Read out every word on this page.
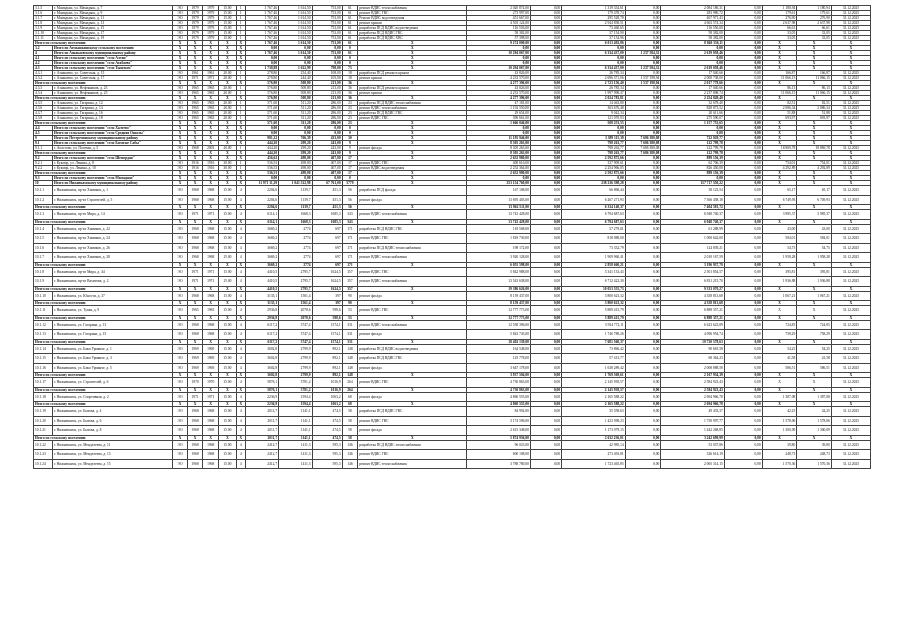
3.1.5	г. Мамадыш, ул. Мамадыш, д. 7	ЭО	1979	1979	15.00	1	1 767,46	1 614,50	753,00	61	ремонт ВДИС теплоснабжения	2 020 874,00	0,00	1 319 354,61	0,00	2 084 186,31	0,00	1 180,94	1 180,94	31.12.2025
3.1.6	г. Мамадыш, ул. Мамадыш, д. 9	ЭО	1979	1979	15.00	1	1 767,46	1 614,50	753,00	61	ремонт ВДИС ГВС	273 997,00	0,00	179 478,74	0,00	283 980,72	0,00	179,61	179,61	31.12.2025
3.1.7	г. Мамадыш, ул. Мамадыш, д. 11	ЭО	1979	1979	15.00	1	1 767,46	1 614,50	753,00	61	Ремонт ВДИС водоотведения	451 667,00	0,00	295 528,78	0,00	467 971,43	0,00	276,90	276,90	31.12.2025
3.1.8	г. Мамадыш, ул. Мамадыш, д. 13	ЭО	1979	1979	15.00	1	1 767,46	1 614,50	753,00	61	ремонт крыши	4 503 124,00	0,00	2 944 838,51	0,00	4 663 574,34	0,00	2 637,98	2 637,98	31.12.2025
3.1.9	г. Мамадыш, ул. Мамадыш, д. 15	ЭО	1979	1979	15.00	1	1 767,46	1 614,50	753,00	61	разработка ПСД ВДИС водоотведения	116 556,00	0,00	73 460,65	0,00	116 556,00	0,00	66,61	66,61	31.12.2025
3.1.10	г. Мамадыш, ул. Мамадыш, д. 17	ЭО	1979	1979	15.00	1	1 767,46	1 614,50	753,00	61	разработка ПСД ВДИС ГВС	58 382,00	0,00	37 154,90	0,00	58 382,00	0,00	33,05	33,05	31.12.2025
3.1.11	г. Мамадыш, ул. Мамадыш, д. 19	ЭО	1979	1979	15.00	1	1 767,46	1 614,50	753,00	61	разработка ПСД ВДИС ХВС	57 398,00	0,00	37 154,96	0,00	58 382,00	0,00	33,05	33,05	31.12.2025
Итого по сельскому поселению		X	X	X	X	X	1 767,46	1 614,50	753,00	61	X	9 274 000,00	0,00	6 013 492,86	0,00	8 840 356,11	0,00	X	X	X
3.2	Итого по Атмышкинскому сельскому поселению	X	X	X	X	X	0,00	0,00	0,00	0	X	0,00	0,00	0,00	0,00	0,00	0,00	X	X	X
4	Итого по Азнакаевскому муниципальному району	X	X	X	X	X	1 767,46	1 614,50	753,00	61	X	10 294 067,00	0,00	6 334 437,00	1 237 584,32	2 619 058,46	0,00	X	X	X
4.1	Итого по сельскому поселению "село Алтан"	X	X	X	X	X	0,00	0,00	0,00	0	X	0,00	0,00	0,00	0,00	0,00	0,00	X	X	X
4.2	Итого по сельскому поселению "село Атабаево"	X	X	X	X	X	0,00	0,00	0,00	0	X	0,00	0,00	0,00	0,00	0,00	0,00	X	X	X
4.3	Итого по сельскому поселению "село Тыштым"	X	X	X	X	X	1 738,88	1 622,99	798,00	73	X	10 294 067,00	0,00	6 334 437,00	1 237 584,32	2 619 058,46	0,00	X	X	X
4.3.1	г. Азнакаево, ул. Советская, д. 15	ЭО	1961	1961	20.00	1	278,80	254,40	108,00	18	разработка ПСД ремонта крыши	43 826,00	0,00	26 785,34	0,00	17 040,66	0,00	166,87	166,87	31.12.2025
4.3.2	г. Азнакаево, ул. Советская, д. 17	ЭО	1971	1971	20.00	1	278,80	244,40	105,00	18	ремонт крыши	4 233 570,00	0,00	2 696 371,06	1 537 198,94	2 000 738,00	0,00	11 066,15	11 066,15	31.12.2025
Итого по сельскому поселению		X	X	X	X	X	576,80	508,80	213,00	36	X	4 277 396,00	0,00	2 723 156,40	1 537 198,94	2 017 778,66	0,00	X	X	X
4.3.3	г. Азнакаево, ул. Нефтяников, д. 23	ЭО	1965	1965	20.00	1	576,80	508,80	213,00	36	разработка ПСД ремонта крыши	43 826,00	0,00	26 785,34	0,00	17 040,66	0,00	86,13	86,13	31.12.2025
4.3.4	г. Азнакаево, ул. Нефтяников, д. 25	ЭО	1965	1965	20.00	1	576,80	508,80	213,00	36	ремонт крыши	4 233 570,00	0,00	1 997 998,47	0,00	2 237 808,74	0,00	11 066,15	11 066,15	31.12.2025
Итого по сельскому поселению		X	X	X	X	X	576,80	508,80	213,00	36	X	4 277 396,00	0,00	2 024 783,81	0,00	2 254 849,40	0,00	X	X	X
4.3.5	г. Азнакаево, ул. Гагарина, д. 12	ЭО	1965	1965	20.00	1	571,60	511,20	286,00	23	разработка ПСД ВДИС теплоснабжения	47 181,00	0,00	14 463,80	0,00	32 678,40	0,00	82,51	82,51	31.12.2025
4.3.6	г. Азнакаево, ул. Гагарина, д. 14	ЭО	1965	1965	20.00	1	571,60	511,20	286,00	23	ремонт ВДИС теплоснабжения	1 192 550,00	0,00	363 676,48	0,00	828 873,52	0,00	2 086,34	2 086,34	31.12.2025
4.3.7	г. Азнакаево, ул. Гагарина, д. 16	ЭО	1965	1965	20.00	1	571,60	511,20	286,00	23	разработка ПСД ВДИС ГВС	29 654,00	0,00	9 042,34	0,00	20 611,66	0,00	51,88	51,88	31.12.2025
4.3.8	г. Азнакаево, ул. Гагарина, д. 18	ЭО	1965	1965	20.00	1	571,60	511,20	286,00	23	ремонт ВДИС ГВС	396 661,00	0,00	121 070,93	0,00	275 590,07	0,00	693,97	693,97	31.12.2025
Итого по сельскому поселению		X	X	X	X	X	571,60	511,20	286,00	23	X	1 666 046,00	0,00	508 253,55	0,00	1 157 753,65	0,00	X	X	X
4.4	Итого по сельскому поселению "село Халтево"	X	X	X	X	X	0,00	0,00	0,00	0	X	0,00	0,00	0,00	0,00	0,00	0,00	X	X	X
4.5	Итого по сельскому поселению "село Средняя Ошалы"	X	X	X	X	X	0,00	0,00	0,00	0	X	0,00	0,00	0,00	0,00	0,00	0,00	X	X	X
9	Итого по Пестречинскому муниципальному району	X	X	X	X	X	981,22	766,39	433,00	30	X	11 195 946,00	0,00	3 389 115,38	7 686 380,08	722 029,77	0,00	X	X	X
9.1	Итого по сельскому поселению "село Богатые Сабы"	X	X	X	X	X	444,20	299,20	243,00	9	X	8 305 263,00	0,00	798 263,77	7 686 380,08	122 799,78	0,00	X	X	X
9.1.1	г. Апастово, ул. Полевая, д. 5	ЭО	1968	2003	20.00	1	444,20	299,20	243,00	9	ремонт фасада	8 305 263,00	0,00	798 263,77	7 686 380,08	122 799,78	0,00	18 869,78	18 869,78	31.12.2025
Итого по сельскому поселению		X	X	X	X	X	444,20	299,20	243,00	9	X	8 305 263,00	0,00	798 263,77	7 686 380,08	122 799,78	0,00	X	X	X
9.2	Итого по сельскому поселению "село Шемордан"	X	X	X	X	X	456,62	498,00	407,00	17	X	2 652 980,00	0,00	2 592 875,66	0,00	889 156,39	0,00	X	X	X
9.2.1	г. Кукмор, ул. Ленина, д. 8	ЭО	1916	1916	30.00	1	536,53	498,00	407,00	17	ремонт ВДИС ГВС	400 616,00	0,00	337 909,61	0,00	62 706,39	0,00	754,01	754,01	31.12.2025
9.2.2	г. Кукмор, ул. Ленина, д. 10	ЭО	1916	1916	30.00	1	536,53	498,00	407,00	17	ремонт ВДИС водоотведения	2 252 364,00	0,00	2 254 966,05	0,00	826 450,00	0,00	4 292,89	4 292,89	31.12.2025
Итого по сельскому поселению		X	X	X	X	X	536,53	498,00	407,00	17	X	2 652 980,00	0,00	2 592 875,66	0,00	889 156,39	0,00	X	X	X
9.3	Итого по сельскому поселению "село Мамадыш"	X	X	X	X	X	0,00	0,00	0,00	0	X	0,00	0,00	0,00	0,00	0,00	0,00	X	X	X
10	Итого по Нижнекамскому муниципальному району	X	X	X	X	X	11 971 11,29	1 041 522,98	67 761,00	5779	X	253 154 760,00	0,00	238 236 398,28	0,00	157 717 550,22	0,00	X	X	X
10.1.1	г. Нижнекамск, пр-кт Химиков, д. 1	ЭО	1968	1968	15.00	4	2204,6	1139,7	451,3	56	разработка ПСД фасада	167 108,00	0,00	66 868,44	0,00	38 123,54	0,00	65,17	65,17	31.12.2025
10.1.2	г. Нижнекамск, пр-кт Строителей, д. 5	ЭО	1968	1968	15.00	4	2204,6	1139,7	451,3	56	ремонт фасада	13 695 403,00	0,00	6 267 271,93	0,00	7 366 458,18	0,00	6 749,93	6 749,93	31.12.2025
Итого по сельскому поселению		X	X	X	X	X	2204,6	1139,7	451,3	56	X	13 862 511,00	0,00	6 334 140,37	0,00	7 404 581,72	0,00	X	X	X
10.1.3	г. Нижнекамск, пр-кт Мира, д. 14	ЭО	1971	1971	15.00	4	6114,1	1668,3	1685,3	343	ремонт ВДИС теплоснабжения	13 743 428,00	0,00	6 794 687,63	0,00	6 948 740,37	0,00	3 985,37	3 985,37	31.12.2025
Итого по сельскому поселению		X	X	X	X	X	6114,1	1668,3	1685,3	343	X	13 743 428,00	0,00	6 794 687,63	0,00	6 948 740,37	0,00	X	X	X
10.1.4	г. Нижнекамск, пр-кт Химиков, д. 22	ЭО	1968	1968	15.00	4	3669,2	2774	697	171	разработка ПСД ВДИС ГВС	118 568,00	0,00	57 279,01	0,00	61 288,99	0,00	43,00	43,00	31.12.2025
10.1.5	г. Нижнекамск, пр-кт Химиков, д. 24	ЭО	1968	1968	15.00	4	3669,2	2774	697	171	ремонт ВДИС ГВС	1 818 730,00	0,00	818 088,00	0,00	1 000 642,00	0,00	584,01	584,01	31.12.2025
10.1.6	г. Нижнекамск, пр-кт Химиков, д. 26	ЭО	1968	1968	15.00	4	3669,2	2774	697	171	разработка ПСД ВДИС теплоснабжения	198 172,00	0,00	73 332,79	0,00	124 839,21	0,00	54,75	54,75	31.12.2025
10.1.7	г. Нижнекамск, пр-кт Химиков, д. 28	ЭО	1968	1968	15.00	4	3669,2	2774	697	171	ремонт ВДИС теплоснабжения	3 920 128,00	0,00	1 909 960,41	0,00	2 010 167,59	0,00	1 958,28	1 958,28	31.12.2025
Итого по сельскому поселению		X	X	X	X	X	3669,2	2774	697	171	X	6 055 598,00	0,00	2 858 660,21	0,00	3 196 937,79	0,00	X	X	X
10.1.8	г. Нижнекамск, пр-кт Мира, д. 44	ЭО	1971	1971	15.00	4	4410,5	2795,7	1624,5	357	ремонт ВДИС ГВС	5 842 988,00	0,00	3 341 133,43	0,00	2 501 854,57	0,00	395,81	395,81	31.12.2025
10.1.9	г. Нижнекамск, пр-кт Вахитова, д. 2	ЭО	1971	1971	15.00	4	4410,5	2795,7	1624,5	357	ремонт ВДИС теплоснабжения	13 543 638,00	0,00	6 712 422,30	0,00	6 831 215,70	0,00	1 936,88	1 936,88	31.12.2025
Итого по сельскому поселению		X	X	X	X	X	4410,5	2795,7	1624,5	357	X	19 386 626,00	0,00	10 053 555,73	0,00	9 333 070,27	0,00	X	X	X
10.1.10	г. Нижнекамск, ул. Юности, д. 37	ЭО	1968	1968	15.00	4	3135,1	1561,4	397	90	ремонт фасада	8 159 437,00	0,00	3 800 623,32	0,00	4 358 813,68	0,00	1 067,21	1 067,21	31.12.2025
Итого по сельскому поселению		X	X	X	X	X	3135,1	1561,4	397	90	X	8 159 437,00	0,00	3 800 623,32	0,00	4 358 813,68	0,00	X	X	X
10.1.11	г. Нижнекамск, ул. Тукая, д. 9	ЭО	1965	1965	15.00	4	2936,8	2078,6	598,6	53	ремонт ВДИС ГВС	12 777 773,00	0,00	5 889 415,79	0,00	6 888 357,21	0,00	X	X	31.12.2025
Итого по сельскому поселению		X	X	X	X	X	2936,8	2078,6	598,6	53	X	12 777 773,00	0,00	5 889 415,79	0,00	6 888 357,21	0,00	X	X	X
10.1.12	г. Нижнекамск, ул. Гагарина, д. 13	ЭО	1968	1968	15.00	4	6117,2	3747,4	1574,1	331	ремонт ВДИС теплоснабжения	12 558 396,00	0,00	5 934 772,11	0,00	6 623 623,89	0,00	724,85	724,85	31.12.2025
10.1.13	г. Нижнекамск, ул. Гагарина, д. 15	ЭО	1968	1968	15.00	4	6117,2	3747,4	1574,1	331	ремонт фасада	5 843 743,00	0,00	1 746 788,26	0,00	4 096 954,74	0,00	758,29	758,29	31.12.2025
Итого по сельскому поселению		X	X	X	X	X	6117,2	3747,4	1574,1	331	X	18 402 139,00	0,00	7 681 560,37	0,00	10 720 578,63	0,00	X	X	X
10.1.14	г. Нижнекамск, ул. Баки Урманче, д. 1	ЭО	1969	1969	15.00	4	3602,8	2799,9	892,1	148	разработка ПСД ВДИС водоотведения	164 548,00	0,00	73 866,42	0,00	90 681,58	0,00	54,25	54,25	31.12.2025
10.1.15	г. Нижнекамск, ул. Баки Урманче, д. 3	ЭО	1969	1969	15.00	4	3602,8	2799,9	892,1	148	разработка ПСД ВДИС ГВС	125 778,00	0,00	57 413,77	0,00	68 364,23	0,00	41,58	41,58	31.12.2025
10.1.16	г. Нижнекамск, ул. Баки Урманче, д. 5	ЭО	1969	1969	15.00	4	3602,8	2799,9	892,1	148	ремонт фасада	3 647 178,00	0,00	1 638 289,42	0,00	2 008 888,58	0,00	586,51	586,51	31.12.2025
Итого по сельскому поселению		X	X	X	X	X	3602,8	2799,9	892,1	148	X	3 937 504,00	0,00	1 769 569,61	0,00	2 167 934,39	0,00	X	X	X
10.1.17	г. Нижнекамск, ул. Строителей, д. 6	ЭО	1970	1970	15.00	4	5876,1	3781,2	1016,9	264	ремонт ВДИС ГВС	4 730 863,00	0,00	2 145 939,57	0,00	2 584 923,43	0,00	X	X	31.12.2025
Итого по сельскому поселению		X	X	X	X	X	5876,1	3781,2	1016,9	264	X	4 730 863,00	0,00	2 145 939,57	0,00	2 584 923,43	0,00	X	X	X
10.1.18	г. Нижнекамск, ул. Спортивная, д. 2	ЭО	1971	1971	15.00	4	2236,9	1594,4	1063,2	68	ремонт фасада	4 860 555,00	0,00	2 165 588,22	0,00	2 694 966,78	0,00	1 387,08	1 387,08	31.12.2025
Итого по сельскому поселению		X	X	X	X	X	2236,9	1594,4	1063,2	68	X	4 860 555,00	0,00	2 165 588,22	0,00	2 694 966,78	0,00	X	X	X
10.1.19	г. Нижнекамск, ул. Бызова, д. 4	ЭО	1968	1968	15.00	4	2011,7	1141,1	474,5	58	разработка ПСД ВДИС ГВС	84 992,00	0,00	35 558,63	0,00	49 433,37	0,00	42,25	42,25	31.12.2025
10.1.20	г. Нижнекамск, ул. Бызова, д. 6	ЭО	1968	1968	15.00	4	2011,7	1141,1	474,5	58	ремонт ВДИС ГВС	3 174 596,00	0,00	1 423 598,23	0,00	1 750 997,77	0,00	1 578,06	1 578,06	31.12.2025
10.1.21	г. Нижнекамск, ул. Бызова, д. 8	ЭО	1968	1968	15.00	4	2011,7	1141,1	474,5	58	ремонт фасада	2 615 348,00	0,00	1 173 079,15	0,00	1 442 268,85	0,00	1 300,09	1 300,09	31.12.2025
Итого по сельскому поселению		X	X	X	X	X	2011,7	1141,1	474,5	58	X	5 874 936,00	0,00	2 632 236,01	0,00	3 242 699,99	0,00	X	X	X
10.1.22	г. Нижнекамск, ул. Менделеева, д. 11	ЭО	1968	1968	15.00	4	2412,7	1411,3	595,3	146	разработка ПСД ВДИС теплоснабжения	96 023,00	0,00	42 985,14	0,00	53 037,86	0,00	39,80	39,80	31.12.2025
10.1.23	г. Нижнекамск, ул. Менделеева, д. 13	ЭО	1968	1968	15.00	4	2412,7	1411,3	595,3	146	ремонт ВДИС ГВС	600 108,00	0,00	273 493,81	0,00	326 614,19	0,00	248,73	248,73	31.12.2025
10.1.24	г. Нижнекамск, ул. Менделеева, д. 15	ЭО	1968	1968	15.00	4	2412,7	1411,3	595,3	146	ремонт ВДИС теплоснабжения	3 788 780,00	0,00	1 723 465,85	0,00	2 065 314,15	0,00	1 570,36	1 570,36	31.12.2025
